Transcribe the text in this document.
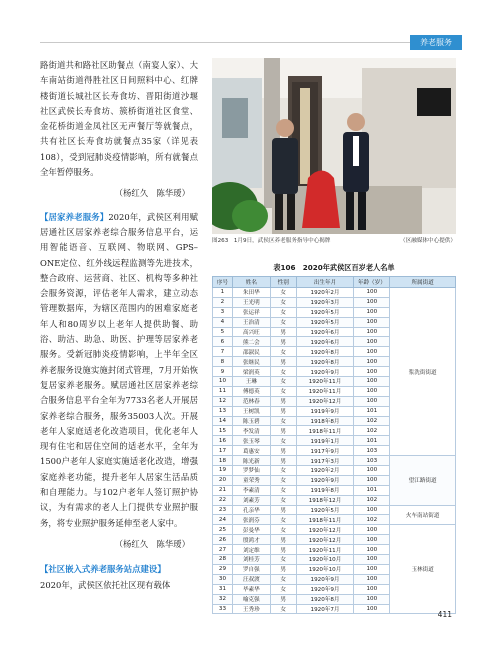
养老服务

路街道共和路社区助餐点（南宴人家）、大车南站街道得胜社区日间照料中心、红牌楼街道长城社区长寿食坊、晋阳街道沙堰社区武侯长寿食坊、簇桥街道社区食堂、金花桥街道金凤社区无声餐厅等就餐点，共有社区长寿食坊就餐点35家（详见表108），受到冠肺炎疫情影响，所有就餐点全年暂停服务。

（杨红久　陈华瑷）

【居家养老服务】2020年，武侯区利用赋居通社区居家养老综合服务信息平台，运用智能语音、互联网、物联网、GPS–ONE定位、红外线远程监测等先进技术，整合政府、运营商、社区、机构等多种社会服务资源，评估老年人需求，建立动态管理数据库，为辖区范围内的困难家庭老年人和80周岁以上老年人提供助餐、助浴、助洁、助急、助医、护理等居家养老服务。受新冠肺炎疫情影响，上半年全区养老服务设施实施封闭式管理，7月开始恢复居家养老服务。赋居通社区居家养老综合服务信息平台全年为7733名老人开展居家养老综合服务，服务35003人次。开展老年人家庭适老化改造项目，优化老年人现有住宅和居住空间的适老水平，全年为1500户老年人家庭实施适老化改造，增强家庭养老功能，提升老年人居家生活品质和自理能力。与102户老年人签订照护协议，为有需求的老人上门提供专业照护服务，将专业照护服务延伸至老人家中。

（杨红久　陈华瑷）

【社区嵌入式养老服务站点建设】
2020年，武侯区依托社区现有载体

图263　1月9日，武侯区养老服务指导中心揭牌	（区融媒体中心提供）
表106　2020年武侯区百岁老人名单
序号	姓名	性别	出生年月	年龄（岁）	所属街道
1	朱田华	女	1920年2月	100	浆洗街街道
2	王光明	女	1920年3月	100	
3	张运祥	女	1920年5月	100	
4	王治清	女	1920年5月	100	
5	高兴旺	男	1920年6月	100	
6	熊二会	男	1920年6月	100	
7	邵淑民	女	1920年8月	100	
8	张继民	男	1920年8月	100	
9	梁润英	女	1920年9月	100	
10	王琳	女	1920年11月	100	
11	傅德英	女	1920年11月	100	
12	范林春	男	1920年12月	100	
13	王树凯	男	1919年9月	101	
14	陈玉碧	女	1918年8月	102	
15	李发清	男	1918年11月	102	
16	张玉琴	女	1919年1月	101	
17	葛惠安	男	1917年9月	103	
18	陈光新	男	1917年3月	103	望江路街道
19	罗梦仙	女	1920年2月	100	
20	童荣秀	女	1920年9月	100	
21	李素清	女	1919年8月	101	
22	刘素芳	女	1918年12月	102	
23	孔亲华	男	1920年5月	100	火车南站街道
24	张润芬	女	1918年11月	102	
25	彭曼华	女	1920年12月	100	玉林街道
26	殷鸿才	男	1920年12月	100	
27	刘定维	男	1920年11月	100	
28	刘桂芳	女	1920年10月	100	
29	罗自强	男	1920年10月	100	
30	汪叔渡	女	1920年9月	100	
31	毕素华	女	1920年9月	100	
32	喻克强	男	1920年8月	100	
33	王秀珍	女	1920年7月	100	
411
